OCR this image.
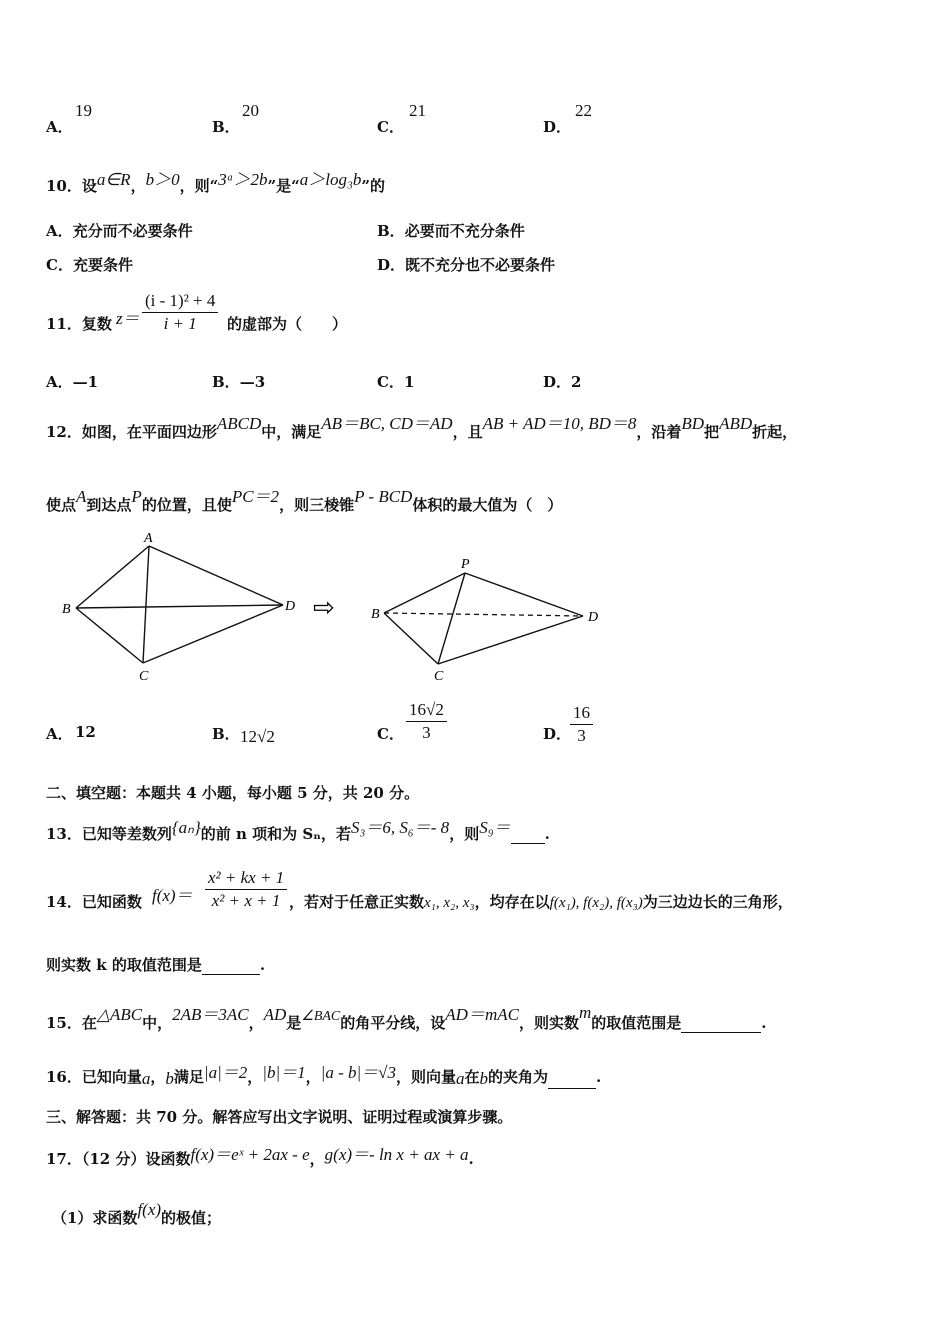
A．
19
B．
20
C．
21
D．
22
10．设a∈R，b＞0，则“3ᵃ＞2b”是“a＞log₃b”的
A．充分而不必要条件	B．必要而不充分条件
C．充要条件	D．既不充分也不必要条件
11．复数 $z= \frac{\text{(i - 1)² + 4}}{i + 1}$ 的虚部为（　　）
A．—1	B．—3	C．1	D．2
12．如图，在平面四边形ABCD中，满足AB＝BC, CD＝AD，且AB + AD＝10, BD＝8，沿着BD把ABD折起，
使点A到达点P的位置，且使PC＝2，则三棱锥P - BCD体积的最大值为（　）
A
B
C
D ⇨
P
B
C
D
A． 12	B． 12√2	C． $\frac{16√2}{3}$	D．
$\frac{16}{3}$
二、填空题：本题共 4 小题，每小题 5 分，共 20 分。
13．已知等差数列{aₙ}的前 n 项和为 Sₙ，若S₃＝6, S₆＝- 8，则S₉＝ .
14．已知函数 $f(x)= \frac{\text{x² + kx + 1}}{\text{x² + x + 1}}$ ，若对于任意正实数x₁, x₂, x₃，均存在以f(x₁), f(x₂), f(x₃)为三边边长的三角形，
则实数 k 的取值范围是	.
15．在△ABC中，2AB＝3AC，AD是∠BAC的角平分线，设AD＝mAC，则实数m的取值范围是	.
16．已知向量a，b满足|a|＝2，|b|＝1，|a - b|＝√3，则向量a在b的夹角为	.
三、解答题：共 70 分。解答应写出文字说明、证明过程或演算步骤。
17．（12 分）设函数f(x)＝eˣ + 2ax - e，g(x)＝- ln x + ax + a.
（1）求函数f(x)的极值；
